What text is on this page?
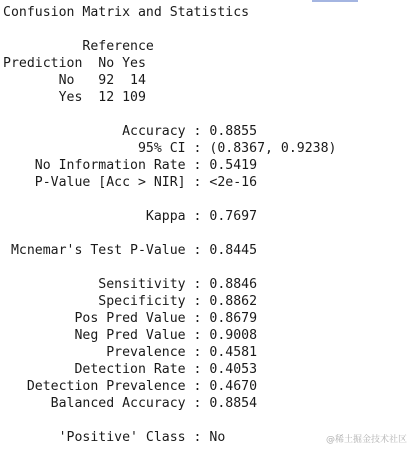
Confusion Matrix and Statistics
Reference
Prediction  No Yes
No   92  14
Yes  12 109
Accuracy : 0.8855
95% CI : (0.8367, 0.9238)
No Information Rate : 0.5419
P-Value [Acc > NIR] : <2e-16
Kappa : 0.7697
Mcnemar's Test P-Value : 0.8445
Sensitivity : 0.8846
Specificity : 0.8862
Pos Pred Value : 0.8679
Neg Pred Value : 0.9008
Prevalence : 0.4581
Detection Rate : 0.4053
Detection Prevalence : 0.4670
Balanced Accuracy : 0.8854
'Positive' Class : No	@稀土掘金技术社区
